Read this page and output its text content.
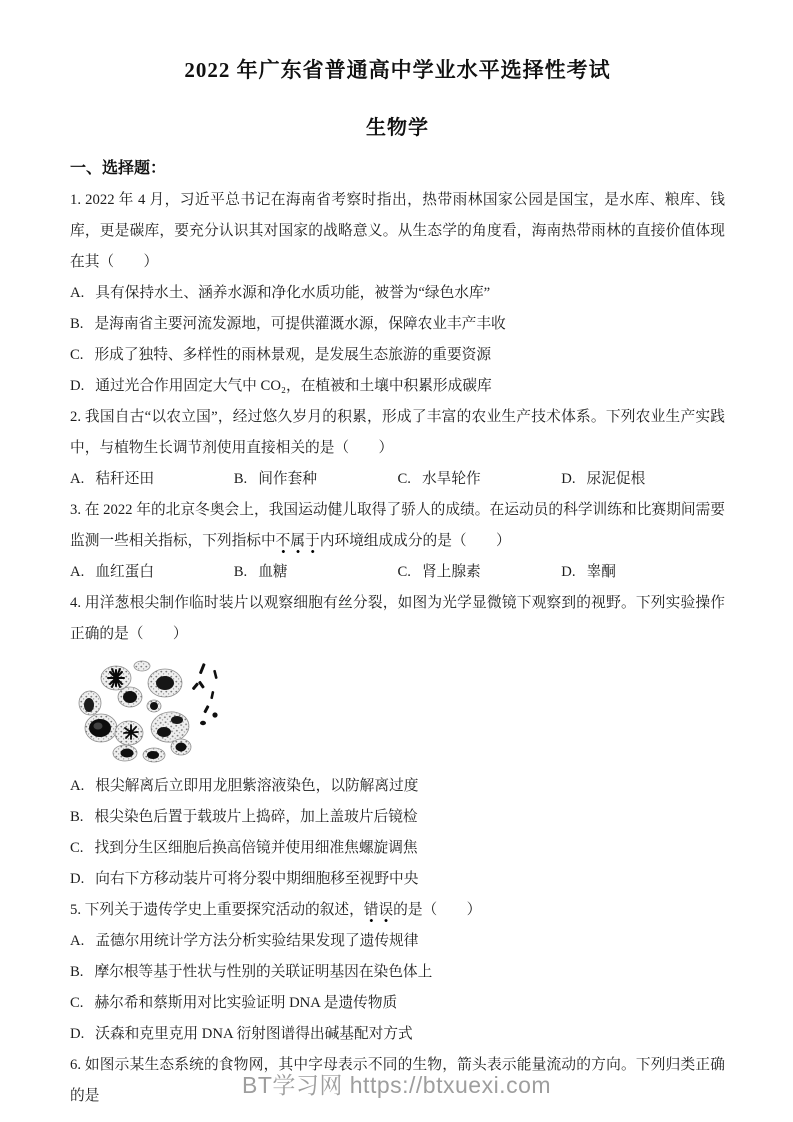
2022 年广东省普通高中学业水平选择性考试
生物学
一、选择题：

1. 2022 年 4 月，习近平总书记在海南省考察时指出，热带雨林国家公园是国宝，是水库、粮库、钱库，更是碳库，要充分认识其对国家的战略意义。从生态学的角度看，海南热带雨林的直接价值体现在其（　　）

A. 具有保持水土、涵养水源和净化水质功能，被誉为“绿色水库”
B. 是海南省主要河流发源地，可提供灌溉水源，保障农业丰产丰收
C. 形成了独特、多样性的雨林景观，是发展生态旅游的重要资源
D. 通过光合作用固定大气中 CO₂，在植被和土壤中积累形成碳库

2. 我国自古“以农立国”，经过悠久岁月的积累，形成了丰富的农业生产技术体系。下列农业生产实践中，与植物生长调节剂使用直接相关的是（　　）

A. 秸秆还田	B. 间作套种	C. 水旱轮作	D. 尿泥促根

3. 在 2022 年的北京冬奥会上，我国运动健儿取得了骄人的成绩。在运动员的科学训练和比赛期间需要监测一些相关指标，下列指标中不属于内环境组成成分的是（　　）

A. 血红蛋白	B. 血糖	C. 肾上腺素	D. 睾酮

4. 用洋葱根尖制作临时装片以观察细胞有丝分裂，如图为光学显微镜下观察到的视野。下列实验操作正确的是（　　）

A. 根尖解离后立即用龙胆紫溶液染色，以防解离过度
B. 根尖染色后置于载玻片上捣碎，加上盖玻片后镜检
C. 找到分生区细胞后换高倍镜并使用细准焦螺旋调焦
D. 向右下方移动装片可将分裂中期细胞移至视野中央

5. 下列关于遗传学史上重要探究活动的叙述，错误的是（　　）

A. 孟德尔用统计学方法分析实验结果发现了遗传规律
B. 摩尔根等基于性状与性别的关联证明基因在染色体上
C. 赫尔希和蔡斯用对比实验证明 DNA 是遗传物质
D. 沃森和克里克用 DNA 衍射图谱得出碱基配对方式

6. 如图示某生态系统的食物网，其中字母表示不同的生物，箭头表示能量流动的方向。下列归类正确的是	BT学习网 https://btxuexi.com
